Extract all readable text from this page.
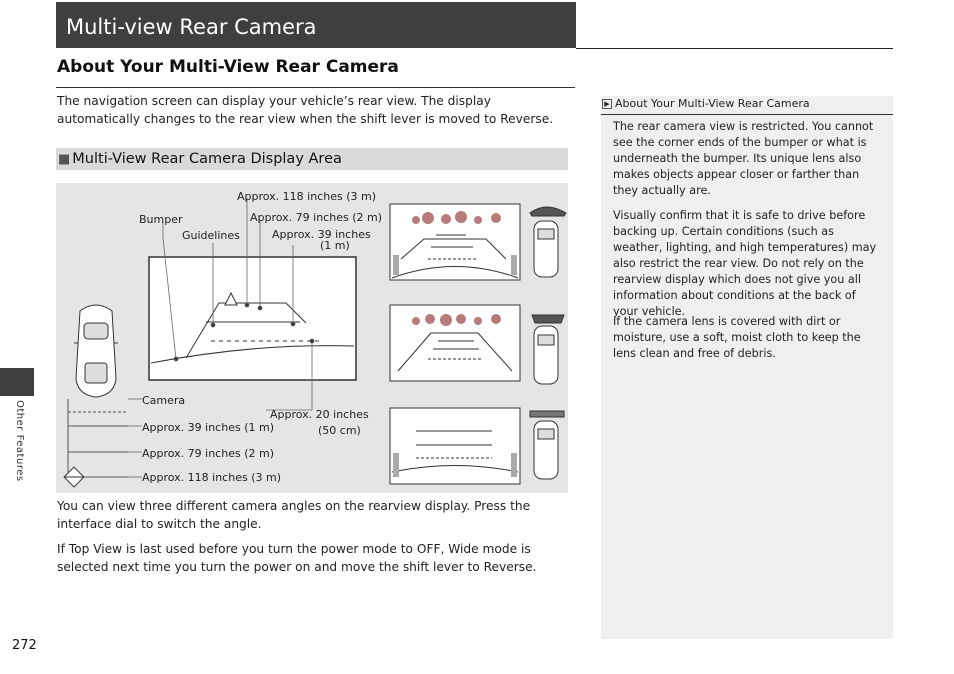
Multi-view Rear Camera
About Your Multi-View Rear Camera
The navigation screen can display your vehicle’s rear view. The display automatically changes to the rear view when the shift lever is moved to Reverse.
■ Multi-View Rear Camera Display Area
Bumper
Guidelines
Approx. 118 inches (3 m)
Approx. 79 inches (2 m)
Approx. 39 inches
(1 m)
Camera
Approx. 20 inches
(50 cm)
Approx. 39 inches (1 m)
Approx. 79 inches (2 m)
Approx. 118 inches (3 m)
You can view three different camera angles on the rearview display. Press the interface dial to switch the angle.
If Top View is last used before you turn the power mode to OFF, Wide mode is selected next time you turn the power on and move the shift lever to Reverse.
▶ About Your Multi-View Rear Camera
The rear camera view is restricted. You cannot see the corner ends of the bumper or what is underneath the bumper. Its unique lens also makes objects appear closer or farther than they actually are.
Visually confirm that it is safe to drive before backing up. Certain conditions (such as weather, lighting, and high temperatures) may also restrict the rear view. Do not rely on the rearview display which does not give you all information about conditions at the back of your vehicle.
If the camera lens is covered with dirt or moisture, use a soft, moist cloth to keep the lens clean and free of debris.
Other Features
272
